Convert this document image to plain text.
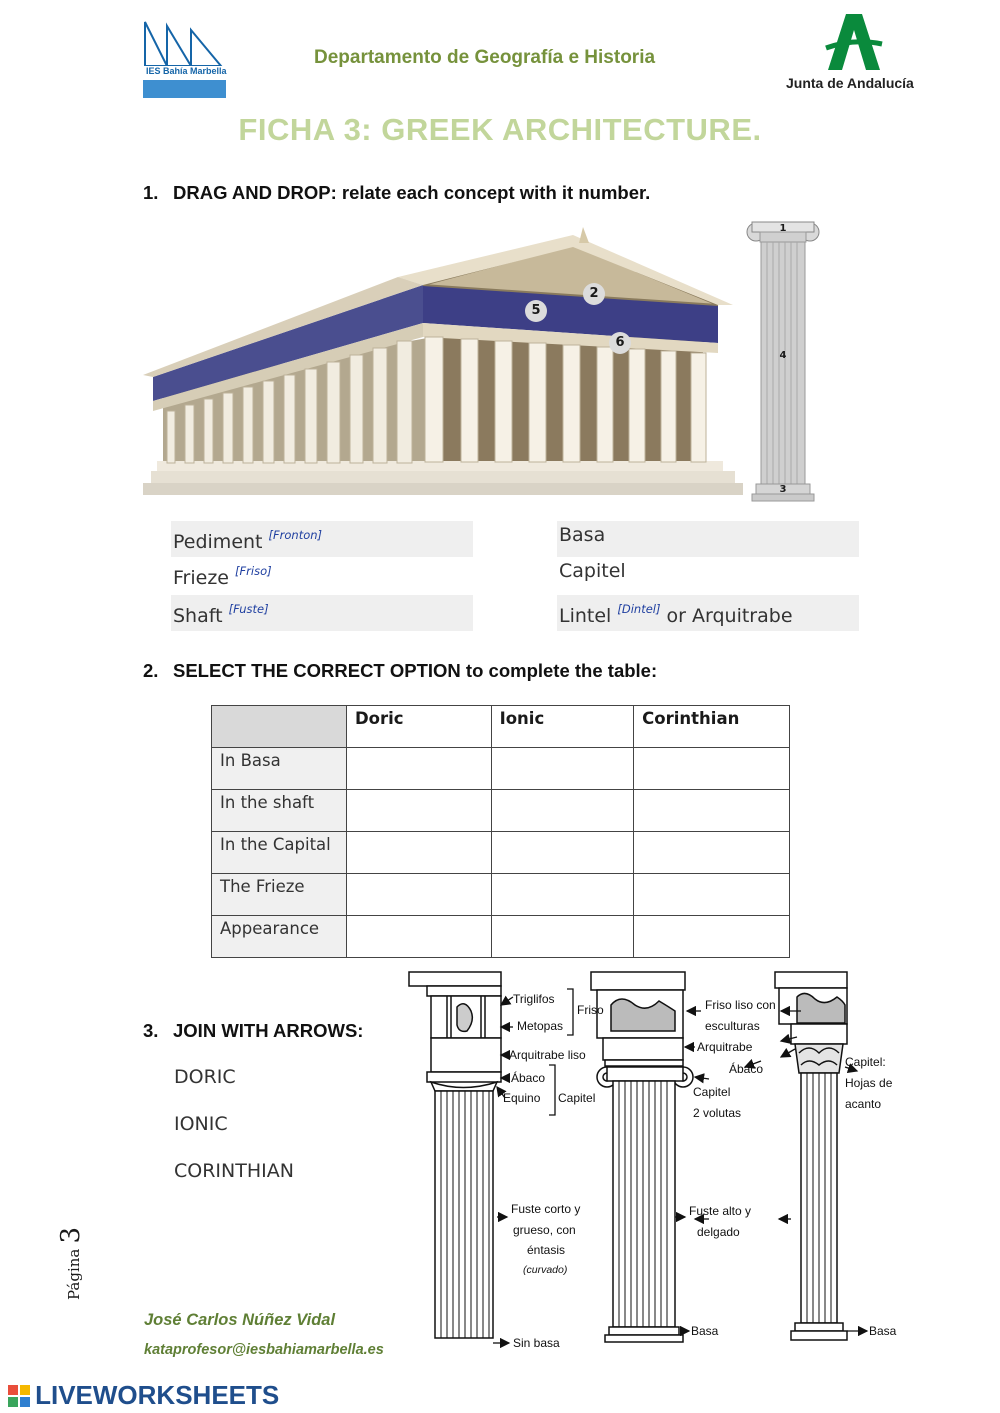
IES Bahía Marbella
Departamento de Geografía e Historia
Junta de Andalucía
FICHA 3: GREEK ARCHITECTURE.
1. DRAG AND DROP: relate each concept with it number.
2
5
6
1
4
3
Pediment [Fronton]	Basa
Frieze [Friso]	Capitel
Shaft [Fuste]	Lintel [Dintel] or Arquitrabe
2. SELECT THE CORRECT OPTION to complete the table:
	Doric	Ionic	Corinthian
In Basa			
In the shaft			
In the Capital			
The Frieze			
Appearance			
3. JOIN WITH ARROWS:
DORIC
IONIC
CORINTHIAN
Triglifos
Metopas
Friso
Arquitrabe liso
Ábaco
Equino Capitel
Fuste corto y
grueso, con
éntasis
(curvado)
Sin basa
Friso liso con
esculturas
Arquitrabe
Ábaco
Capitel
2 volutas
Fuste alto y
delgado
Basa
Capitel:
Hojas de
acanto
Basa
Página 3
José Carlos Núñez Vidal
kataprofesor@iesbahiamarbella.es
LIVEWORKSHEETS
